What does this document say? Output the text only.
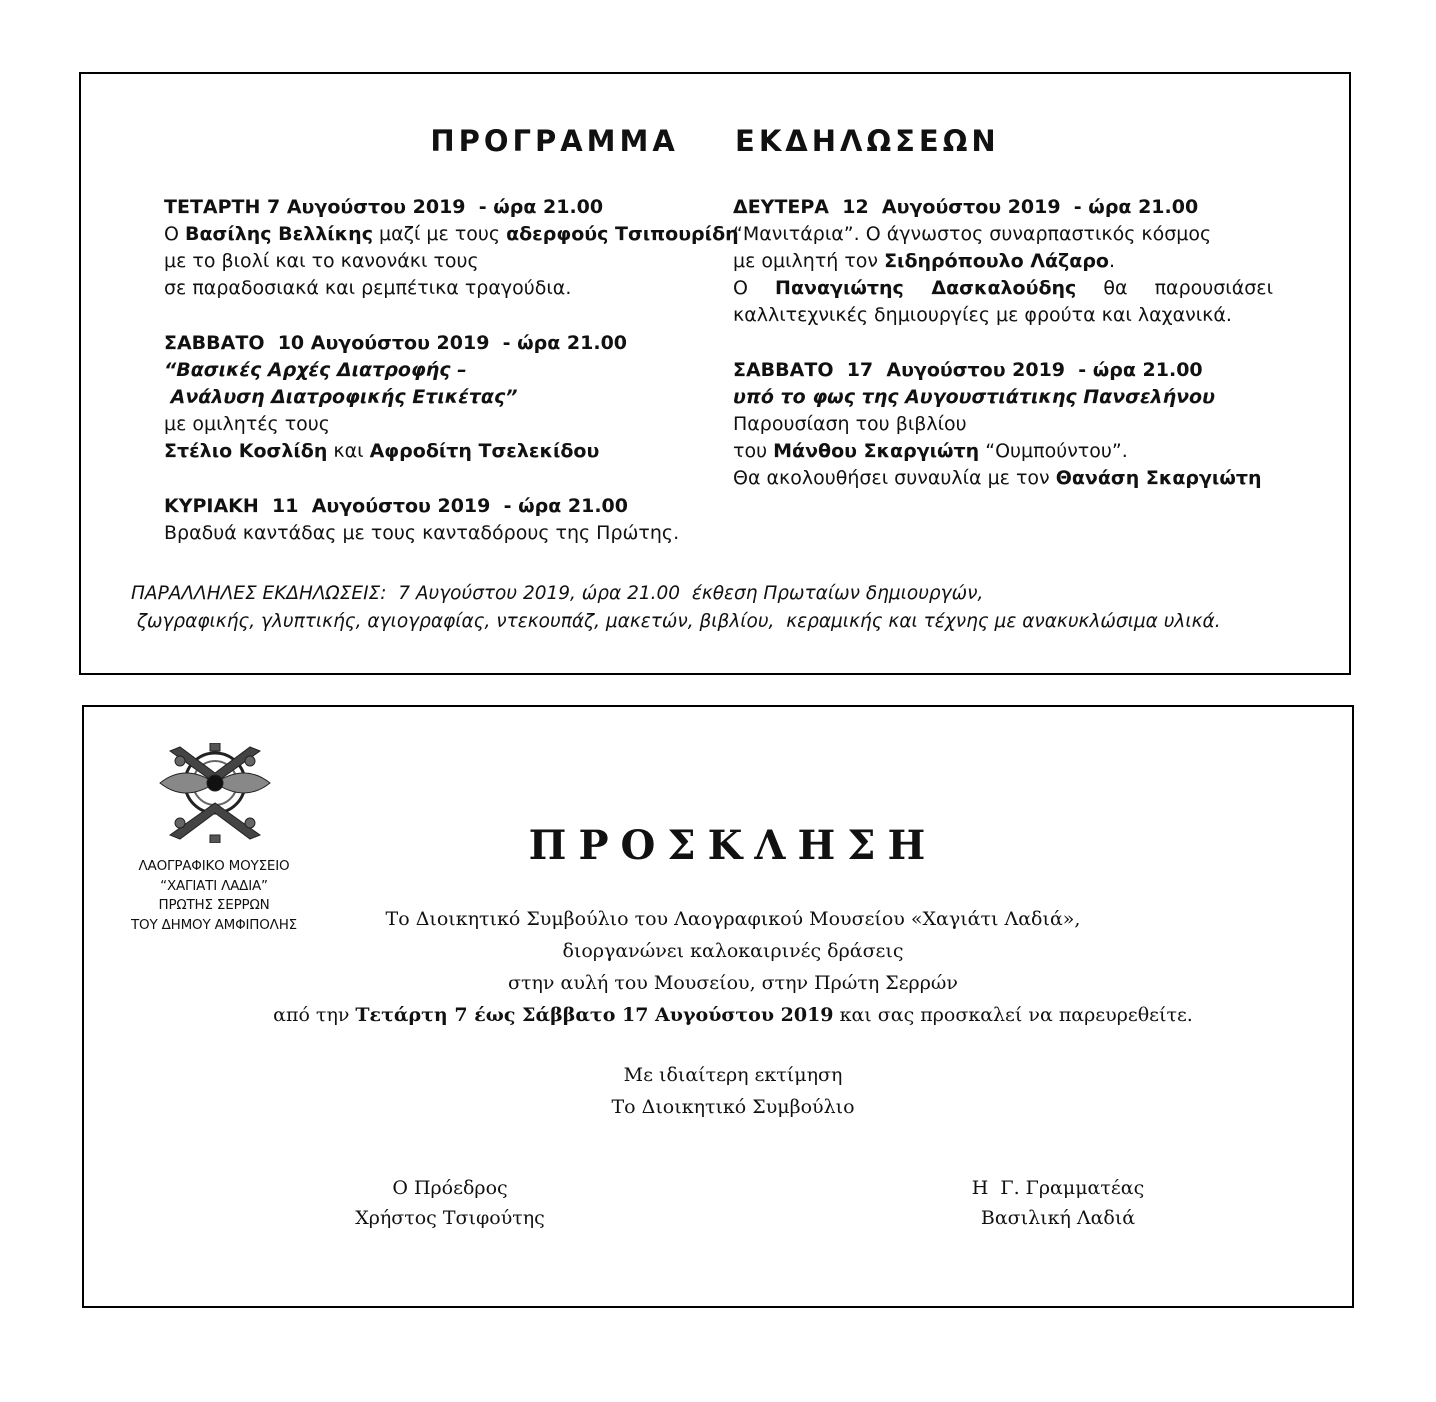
ΠΡΟΓΡΑΜΜΑ  ΕΚΔΗΛΩΣΕΩΝ

ΤΕΤΑΡΤΗ 7 Αυγούστου 2019  - ώρα 21.00

Ο Βασίλης Βελλίκης μαζί με τους αδερφούς Τσιπουρίδη

με το βιολί και το κανονάκι τους

σε παραδοσιακά και ρεμπέτικα τραγούδια.

ΣΑΒΒΑΤΟ  10 Αυγούστου 2019  - ώρα 21.00

“Βασικές Αρχές Διατροφής –

Ανάλυση Διατροφικής Ετικέτας”

με ομιλητές τους

Στέλιο Κοσλίδη και Αφροδίτη Τσελεκίδου

ΚΥΡΙΑΚΗ  11  Αυγούστου 2019  - ώρα 21.00

Βραδυά καντάδας με τους κανταδόρους της Πρώτης.

ΔΕΥΤΕΡΑ  12  Αυγούστου 2019  - ώρα 21.00

“Μανιτάρια”. Ο άγνωστος συναρπαστικός κόσμος

με ομιλητή τον Σιδηρόπουλο Λάζαρο.

Ο Παναγιώτης Δασκαλούδης θα παρουσιάσει

καλλιτεχνικές δημιουργίες με φρούτα και λαχανικά.

ΣΑΒΒΑΤΟ  17  Αυγούστου 2019  - ώρα 21.00

υπό το φως της Αυγουστιάτικης Πανσελήνου

Παρουσίαση του βιβλίου

του Μάνθου Σκαργιώτη “Ουμπούντου”.

Θα ακολουθήσει συναυλία με τον Θανάση Σκαργιώτη

ΠΑΡΑΛΛΗΛΕΣ ΕΚΔΗΛΩΣΕΙΣ:  7 Αυγούστου 2019, ώρα 21.00  έκθεση Πρωταίων δημιουργών,

ζωγραφικής, γλυπτικής, αγιογραφίας, ντεκουπάζ, μακετών, βιβλίου,  κεραμικής και τέχνης με ανακυκλώσιμα υλικά.

ΛΑΟΓΡΑΦΙΚΟ ΜΟΥΣΕΙΟ

“ΧΑΓΙΑΤΙ ΛΑΔΙΑ”

ΠΡΩΤΗΣ ΣΕΡΡΩΝ

ΤΟΥ ΔΗΜΟΥ ΑΜΦΙΠΟΛΗΣ

ΠΡΟΣΚΛΗΣΗ

Το Διοικητικό Συμβούλιο του Λαογραφικού Μουσείου «Χαγιάτι Λαδιά»,

διοργανώνει καλοκαιρινές δράσεις

στην αυλή του Μουσείου, στην Πρώτη Σερρών

από την Τετάρτη 7 έως Σάββατο 17 Αυγούστου 2019 και σας προσκαλεί να παρευρεθείτε.

Με ιδιαίτερη εκτίμηση

Το Διοικητικό Συμβούλιο

Ο Πρόεδρος

Χρήστος Τσιφούτης

Η  Γ. Γραμματέας

Βασιλική Λαδιά
